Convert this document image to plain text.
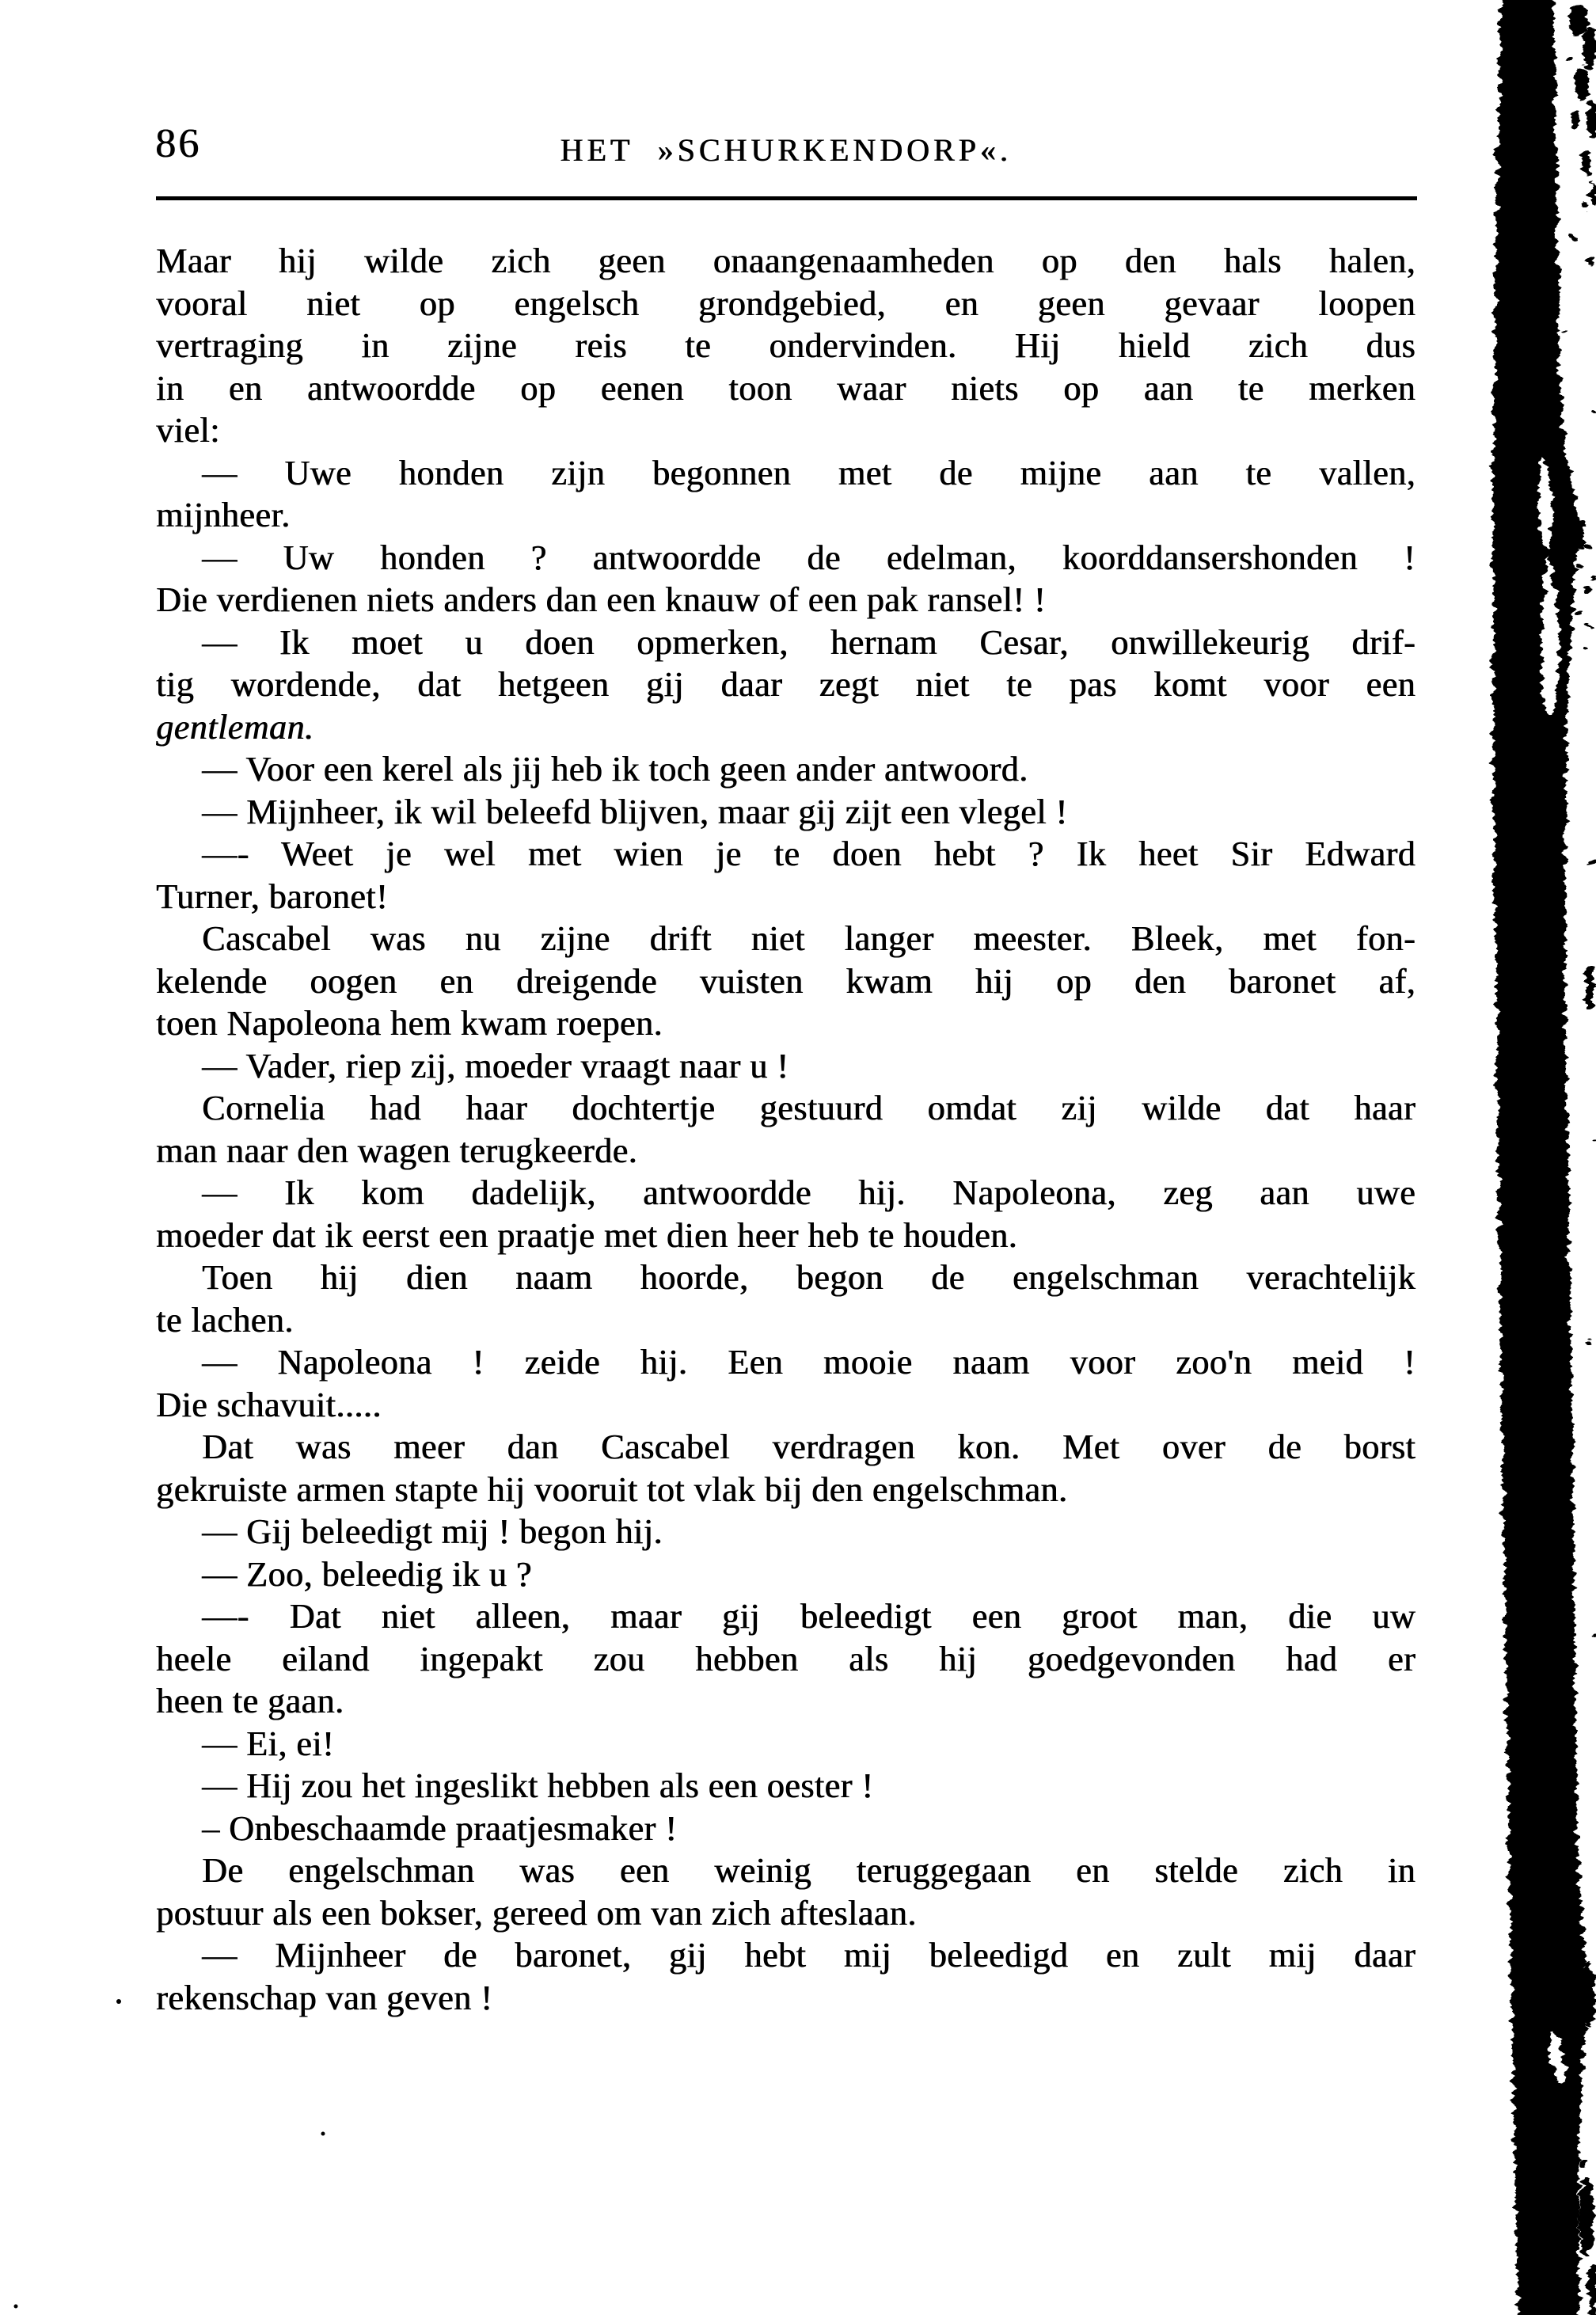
86	HET »SCHURKENDORP«.
Maar hij wilde zich geen onaangenaamheden op den hals halen,
vooral niet op engelsch grondgebied, en geen gevaar loopen
vertraging in zijne reis te ondervinden. Hij hield zich dus
in en antwoordde op eenen toon waar niets op aan te merken
viel:
— Uwe honden zijn begonnen met de mijne aan te vallen,
mijnheer.
— Uw honden ? antwoordde de edelman, koorddansershonden !
Die verdienen niets anders dan een knauw of een pak ransel! !
— Ik moet u doen opmerken, hernam Cesar, onwillekeurig drif-
tig wordende, dat hetgeen gij daar zegt niet te pas komt voor een
gentleman.
— Voor een kerel als jij heb ik toch geen ander antwoord.
— Mijnheer, ik wil beleefd blijven, maar gij zijt een vlegel !
—- Weet je wel met wien je te doen hebt ? Ik heet Sir Edward
Turner, baronet!
Cascabel was nu zijne drift niet langer meester. Bleek, met fon-
kelende oogen en dreigende vuisten kwam hij op den baronet af,
toen Napoleona hem kwam roepen.
— Vader, riep zij, moeder vraagt naar u !
Cornelia had haar dochtertje gestuurd omdat zij wilde dat haar
man naar den wagen terugkeerde.
— Ik kom dadelijk, antwoordde hij. Napoleona, zeg aan uwe
moeder dat ik eerst een praatje met dien heer heb te houden.
Toen hij dien naam hoorde, begon de engelschman verachtelijk
te lachen.
— Napoleona ! zeide hij. Een mooie naam voor zoo'n meid !
Die schavuit.....
Dat was meer dan Cascabel verdragen kon. Met over de borst
gekruiste armen stapte hij vooruit tot vlak bij den engelschman.
— Gij beleedigt mij ! begon hij.
— Zoo, beleedig ik u ?
—- Dat niet alleen, maar gij beleedigt een groot man, die uw
heele eiland ingepakt zou hebben als hij goedgevonden had er
heen te gaan.
— Ei, ei!
— Hij zou het ingeslikt hebben als een oester !
– Onbeschaamde praatjesmaker !
De engelschman was een weinig teruggegaan en stelde zich in
postuur als een bokser, gereed om van zich afteslaan.
— Mijnheer de baronet, gij hebt mij beleedigd en zult mij daar
rekenschap van geven !
